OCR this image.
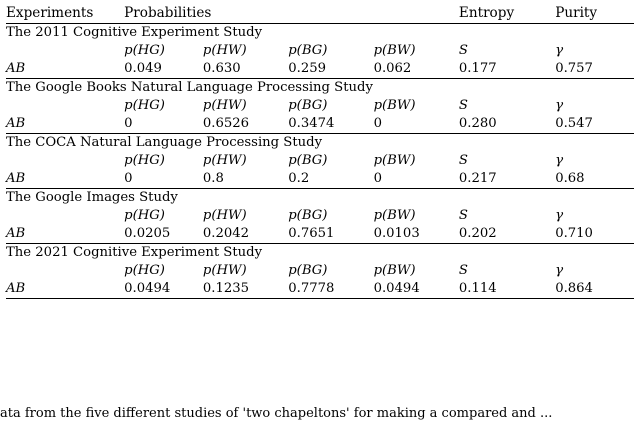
Experiments	Probabilities				Entropy	Purity
The 2011 Cognitive Experiment Study						
	p(HG)	p(HW)	p(BG)	p(BW)	S	γ
AB	0.049	0.630	0.259	0.062	0.177	0.757
The Google Books Natural Language Processing Study						
	p(HG)	p(HW)	p(BG)	p(BW)	S	γ
AB	0	0.6526	0.3474	0	0.280	0.547
The COCA Natural Language Processing Study						
	p(HG)	p(HW)	p(BG)	p(BW)	S	γ
AB	0	0.8	0.2	0	0.217	0.68
The Google Images Study						
	p(HG)	p(HW)	p(BG)	p(BW)	S	γ
AB	0.0205	0.2042	0.7651	0.0103	0.202	0.710
The 2021 Cognitive Experiment Study						
	p(HG)	p(HW)	p(BG)	p(BW)	S	γ
AB	0.0494	0.1235	0.7778	0.0494	0.114	0.864

ata from the five different studies of 'two chapeltons' for making a compared and ...
